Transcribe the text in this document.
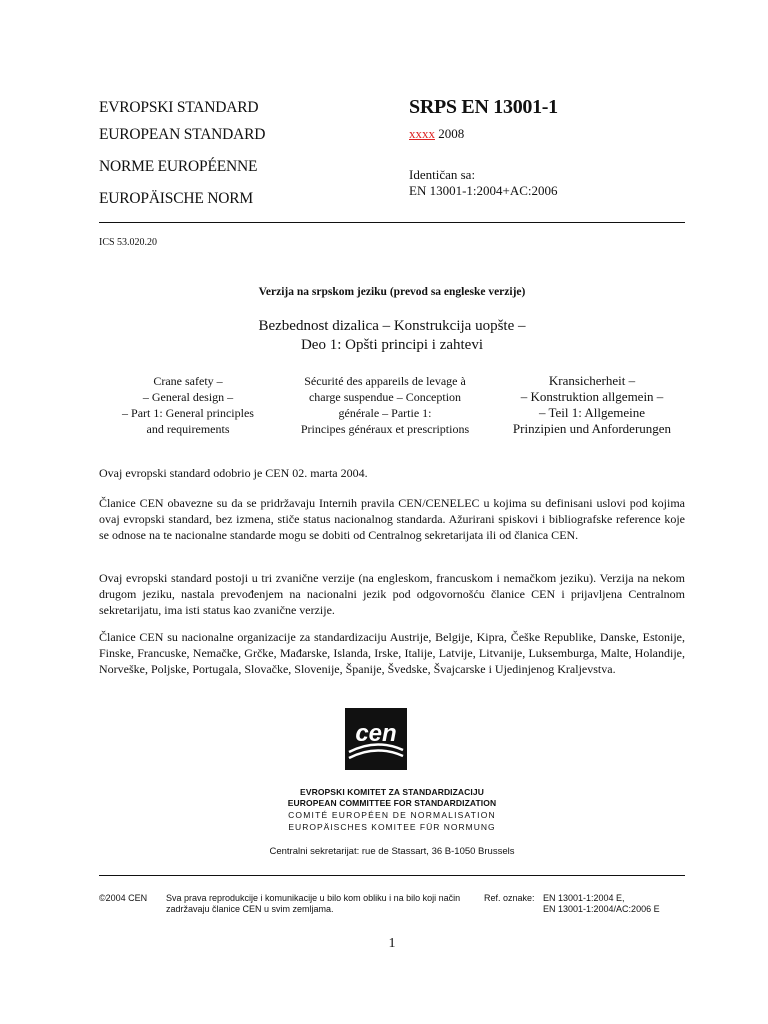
EVROPSKI STANDARD
EUROPEAN STANDARD
NORME EUROPÉENNE
EUROPÄISCHE NORM
SRPS EN 13001-1
xxxx 2008
Identičan sa:
EN 13001-1:2004+AC:2006
ICS 53.020.20
Verzija na srpskom jeziku (prevod sa engleske verzije)
Bezbednost dizalica – Konstrukcija uopšte –
Deo 1: Opšti principi i zahtevi
Crane safety –
– General design –
– Part 1: General principles
and requirements
Sécurité des appareils de levage à
charge suspendue – Conception
générale – Partie 1:
Principes généraux et prescriptions
Kransicherheit –
– Konstruktion allgemein –
– Teil 1: Allgemeine
Prinzipien und Anforderungen
Ovaj evropski standard odobrio je CEN 02. marta 2004.
Članice CEN obavezne su da se pridržavaju Internih pravila CEN/CENELEC u kojima su definisani uslovi pod kojima ovaj evropski standard, bez izmena, stiče status nacionalnog standarda. Ažurirani spiskovi i bibliografske reference koje se odnose na te nacionalne standarde mogu se dobiti od Centralnog sekretarijata ili od članica CEN.
Ovaj evropski standard postoji u tri zvanične verzije (na engleskom, francuskom i nemačkom jeziku). Verzija na nekom drugom jeziku, nastala prevođenjem na nacionalni jezik pod odgovornošću članice CEN i prijavljena Centralnom sekretarijatu, ima isti status kao zvanične verzije.
Članice CEN su nacionalne organizacije za standardizaciju Austrije, Belgije, Kipra, Češke Republike, Danske, Estonije, Finske, Francuske, Nemačke, Grčke, Mađarske, Islanda, Irske, Italije, Latvije, Litvanije, Luksemburga, Malte, Holandije, Norveške, Poljske, Portugala, Slovačke, Slovenije, Španije, Švedske, Švajcarske i Ujedinjenog Kraljevstva.
cen
EVROPSKI KOMITET ZA STANDARDIZACIJU
EUROPEAN COMMITTEE FOR STANDARDIZATION
COMITÉ EUROPÉEN DE NORMALISATION
EUROPÄISCHES KOMITEE FÜR NORMUNG
Centralni sekretarijat: rue de Stassart, 36 B-1050 Brussels
©2004 CEN Sva prava reprodukcije i komunikacije u bilo kom obliku i na bilo koji način
zadržavaju članice CEN u svim zemljama.
Ref. oznake: EN 13001-1:2004 E,
EN 13001-1:2004/AC:2006 E
1
